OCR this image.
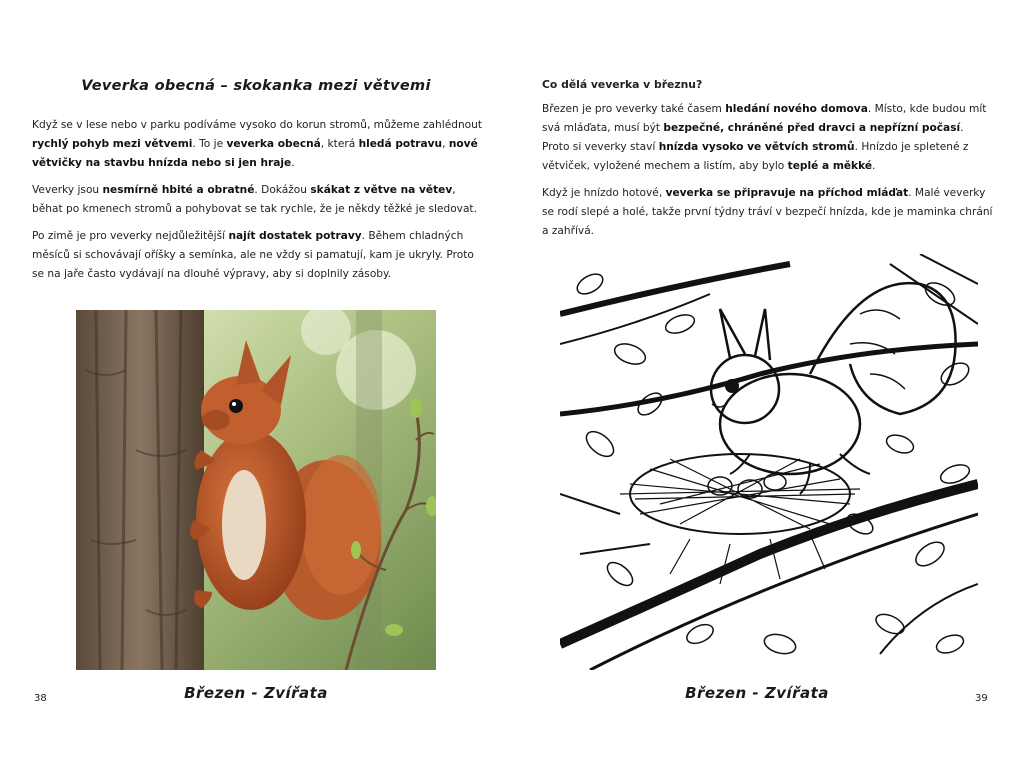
Veverka obecná – skokanka mezi větvemi

Když se v lese nebo v parku podíváme vysoko do korun stromů, můžeme zahlédnout rychlý pohyb mezi větvemi. To je veverka obecná, která hledá potravu, nové větvičky na stavbu hnízda nebo si jen hraje.

Veverky jsou nesmírně hbité a obratné. Dokážou skákat z větve na větev, běhat po kmenech stromů a pohybovat se tak rychle, že je někdy těžké je sledovat.

Po zimě je pro veverky nejdůležitější najít dostatek potravy. Během chladných měsíců si schovávají oříšky a semínka, ale ne vždy si pamatují, kam je ukryly. Proto se na jaře často vydávají na dlouhé výpravy, aby si doplnily zásoby.

Březen - Zvířata
38
Co dělá veverka v březnu?

Březen je pro veverky také časem hledání nového domova. Místo, kde budou mít svá mláďata, musí být bezpečné, chráněné před dravci a nepřízní počasí. Proto si veverky staví hnízda vysoko ve větvích stromů. Hnízdo je spletené z větviček, vyložené mechem a listím, aby bylo teplé a měkké.

Když je hnízdo hotové, veverka se připravuje na příchod mláďat. Malé veverky se rodí slepé a holé, takže první týdny tráví v bezpečí hnízda, kde je maminka chrání a zahřívá.

Březen - Zvířata	39
